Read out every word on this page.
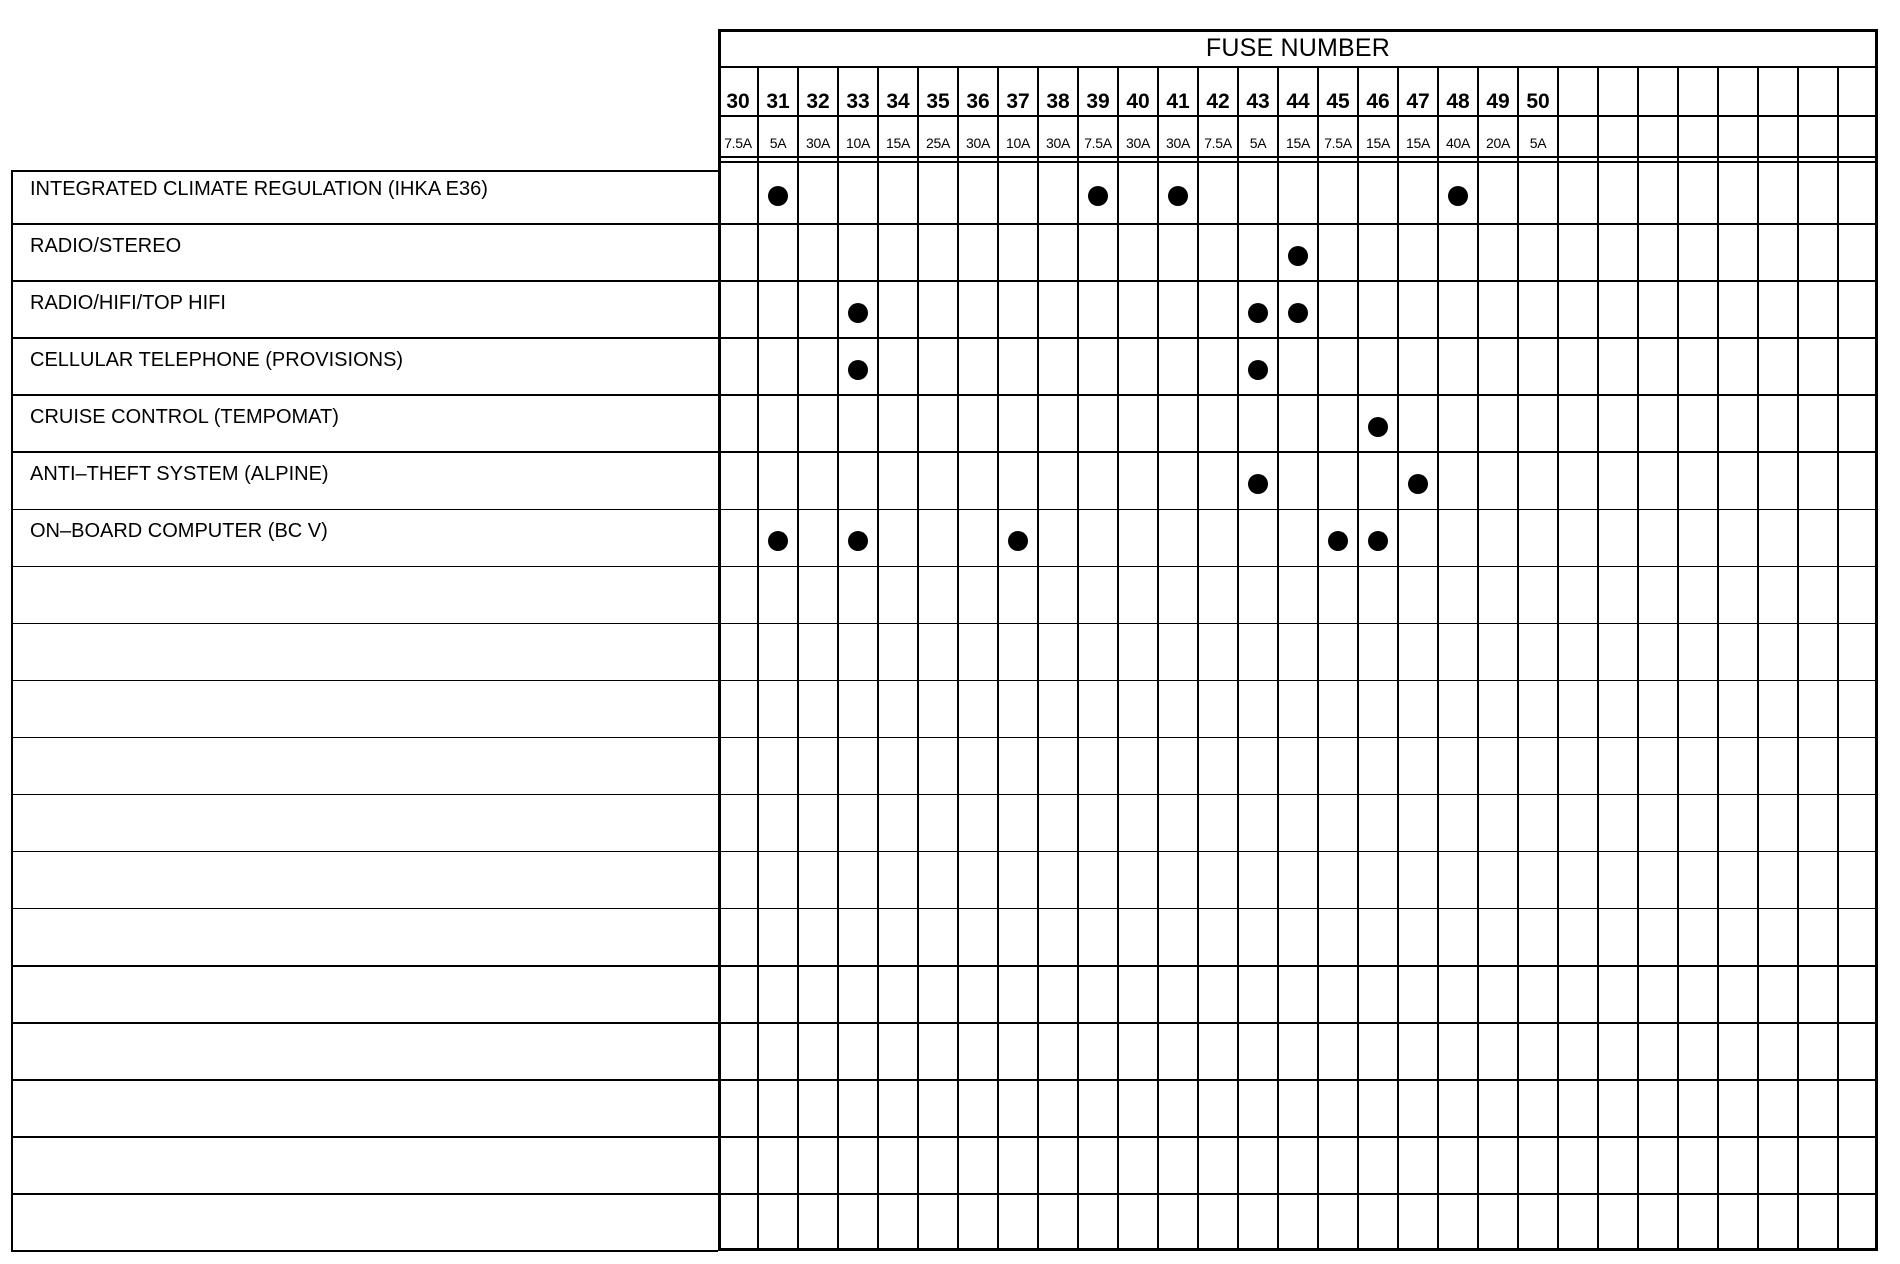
INTEGRATED CLIMATE REGULATION (IHKA E36)
RADIO/STEREO
RADIO/HIFI/TOP HIFI
CELLULAR TELEPHONE (PROVISIONS)
CRUISE CONTROL (TEMPOMAT)
ANTI–THEFT SYSTEM (ALPINE)
ON–BOARD COMPUTER (BC V)
FUSE NUMBER
30
7.5A
31
5A
32
30A
33
10A
34
15A
35
25A
36
30A
37
10A
38
30A
39
7.5A
40
30A
41
30A
42
7.5A
43
5A
44
15A
45
7.5A
46
15A
47
15A
48
40A
49
20A
50
5A
